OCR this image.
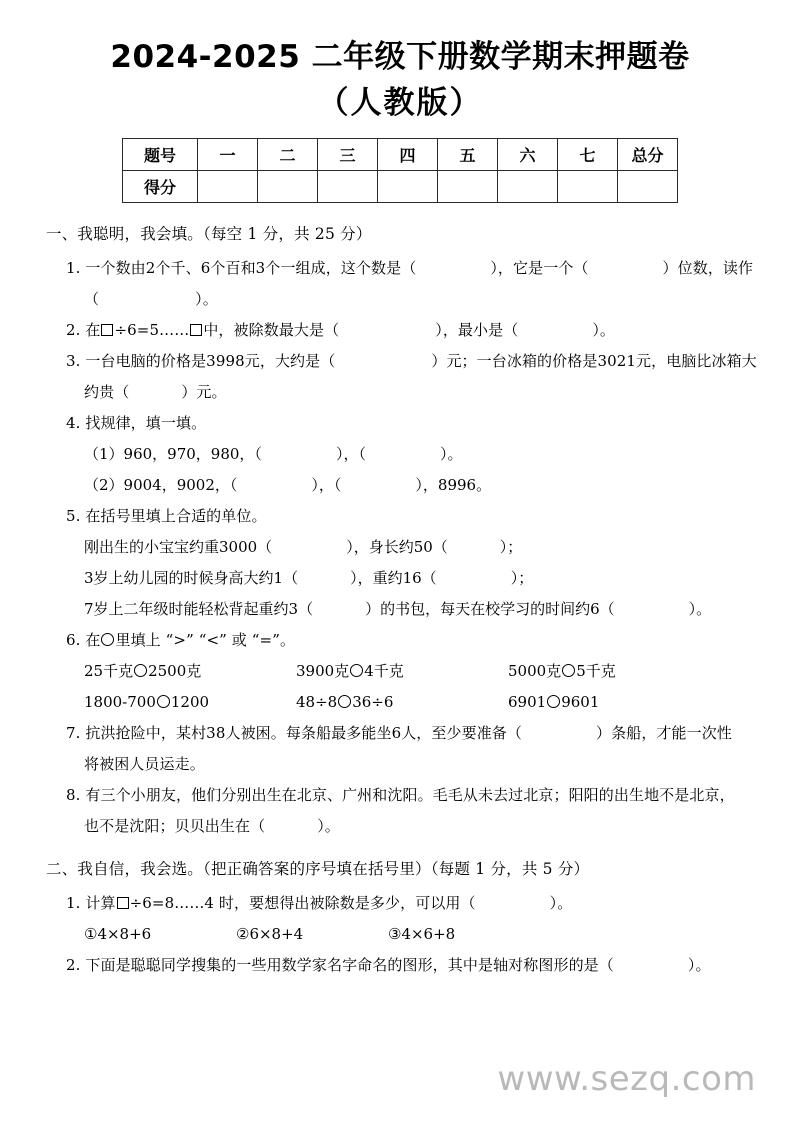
2024-2025 二年级下册数学期末押题卷
（人教版）
题号	一	二	三	四	五	六	七	总分
得分								
一、我聪明，我会填。（每空 1 分，共 25 分）
1. 一个数由2个千、6个百和3个一组成，这个数是（	），它是一个（	）位数，读作
（	）。
2. 在 ÷6=5…… 中，被除数最大是（	），最小是（	）。
3. 一台电脑的价格是3998元，大约是（	）元；一台冰箱的价格是3021元，电脑比冰箱大
约贵（	）元。
4. 找规律，填一填。
（1）960，970，980，（	），（	）。
（2）9004，9002，（	），（	），8996。
5. 在括号里填上合适的单位。
刚出生的小宝宝约重3000（	），身长约50（	）；
3岁上幼儿园的时候身高大约1（	），重约16（	）；
7岁上二年级时能轻松背起重约3（	）的书包，每天在校学习的时间约6（	）。
6. 在 里填上 “>” “<” 或 “=”。
25千克 2500克	3900克 4千克	5000克 5千克
1800-700 1200	48÷8 36÷6	6901 9601
7. 抗洪抢险中，某村38人被困。每条船最多能坐6人，至少要准备（	）条船，才能一次性
将被困人员运走。
8. 有三个小朋友，他们分别出生在北京、广州和沈阳。毛毛从未去过北京；阳阳的出生地不是北京，
也不是沈阳；贝贝出生在（	）。
二、我自信，我会选。（把正确答案的序号填在括号里）（每题 1 分，共 5 分）
1. 计算 ÷6=8……4 时，要想得出被除数是多少，可以用（	）。
①4×8+6	②6×8+4	③4×6+8
2. 下面是聪聪同学搜集的一些用数学家名字命名的图形，其中是轴对称图形的是（	）。
www.sezq.com
